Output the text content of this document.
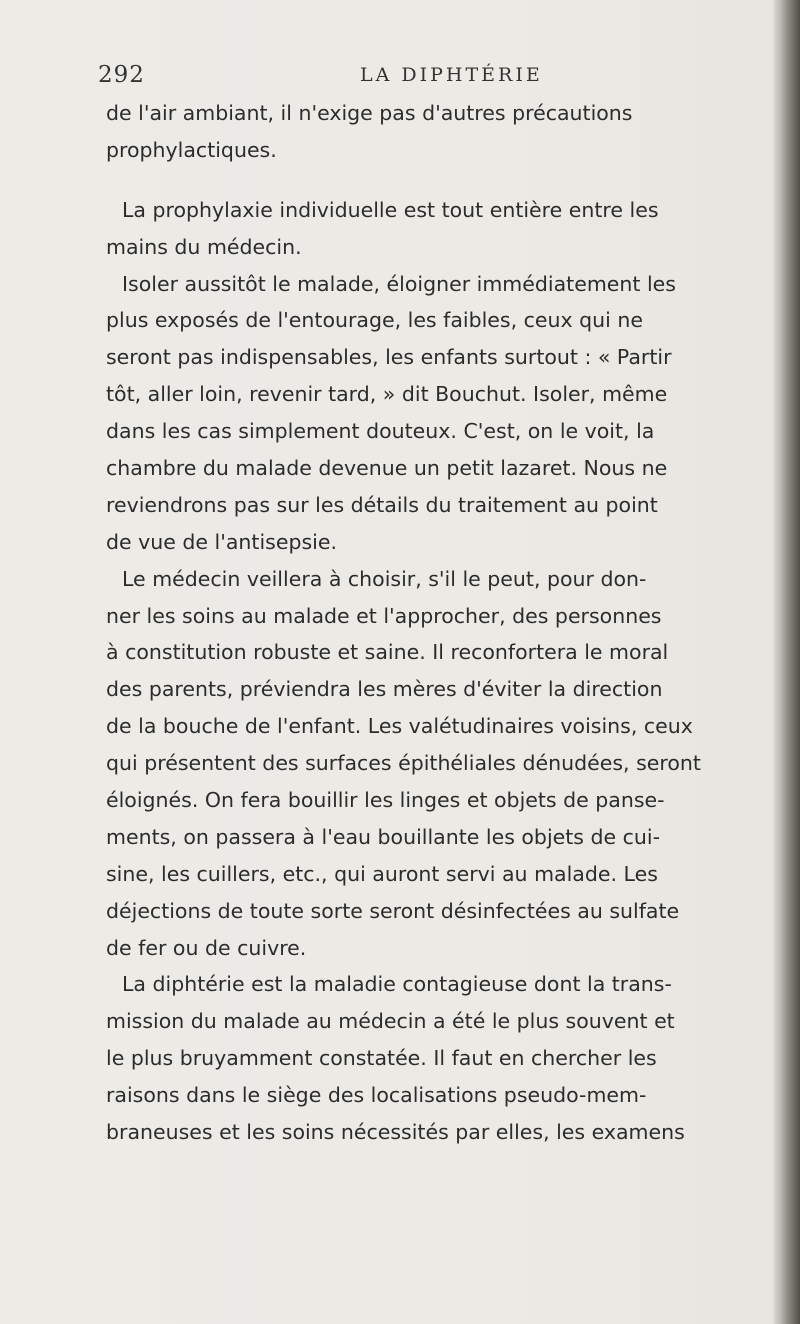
292	LA DIPHTÉRIE
de l'air ambiant, il n'exige pas d'autres précautions
prophylactiques.
La prophylaxie individuelle est tout entière entre les
mains du médecin.
Isoler aussitôt le malade, éloigner immédiatement les
plus exposés de l'entourage, les faibles, ceux qui ne
seront pas indispensables, les enfants surtout : « Partir
tôt, aller loin, revenir tard, » dit Bouchut. Isoler, même
dans les cas simplement douteux. C'est, on le voit, la
chambre du malade devenue un petit lazaret. Nous ne
reviendrons pas sur les détails du traitement au point
de vue de l'antisepsie.
Le médecin veillera à choisir, s'il le peut, pour don-
ner les soins au malade et l'approcher, des personnes
à constitution robuste et saine. Il reconfortera le moral
des parents, préviendra les mères d'éviter la direction
de la bouche de l'enfant. Les valétudinaires voisins, ceux
qui présentent des surfaces épithéliales dénudées, seront
éloignés. On fera bouillir les linges et objets de panse-
ments, on passera à l'eau bouillante les objets de cui-
sine, les cuillers, etc., qui auront servi au malade. Les
déjections de toute sorte seront désinfectées au sulfate
de fer ou de cuivre.
La diphtérie est la maladie contagieuse dont la trans-
mission du malade au médecin a été le plus souvent et
le plus bruyamment constatée. Il faut en chercher les
raisons dans le siège des localisations pseudo-mem-
braneuses et les soins nécessités par elles, les examens
